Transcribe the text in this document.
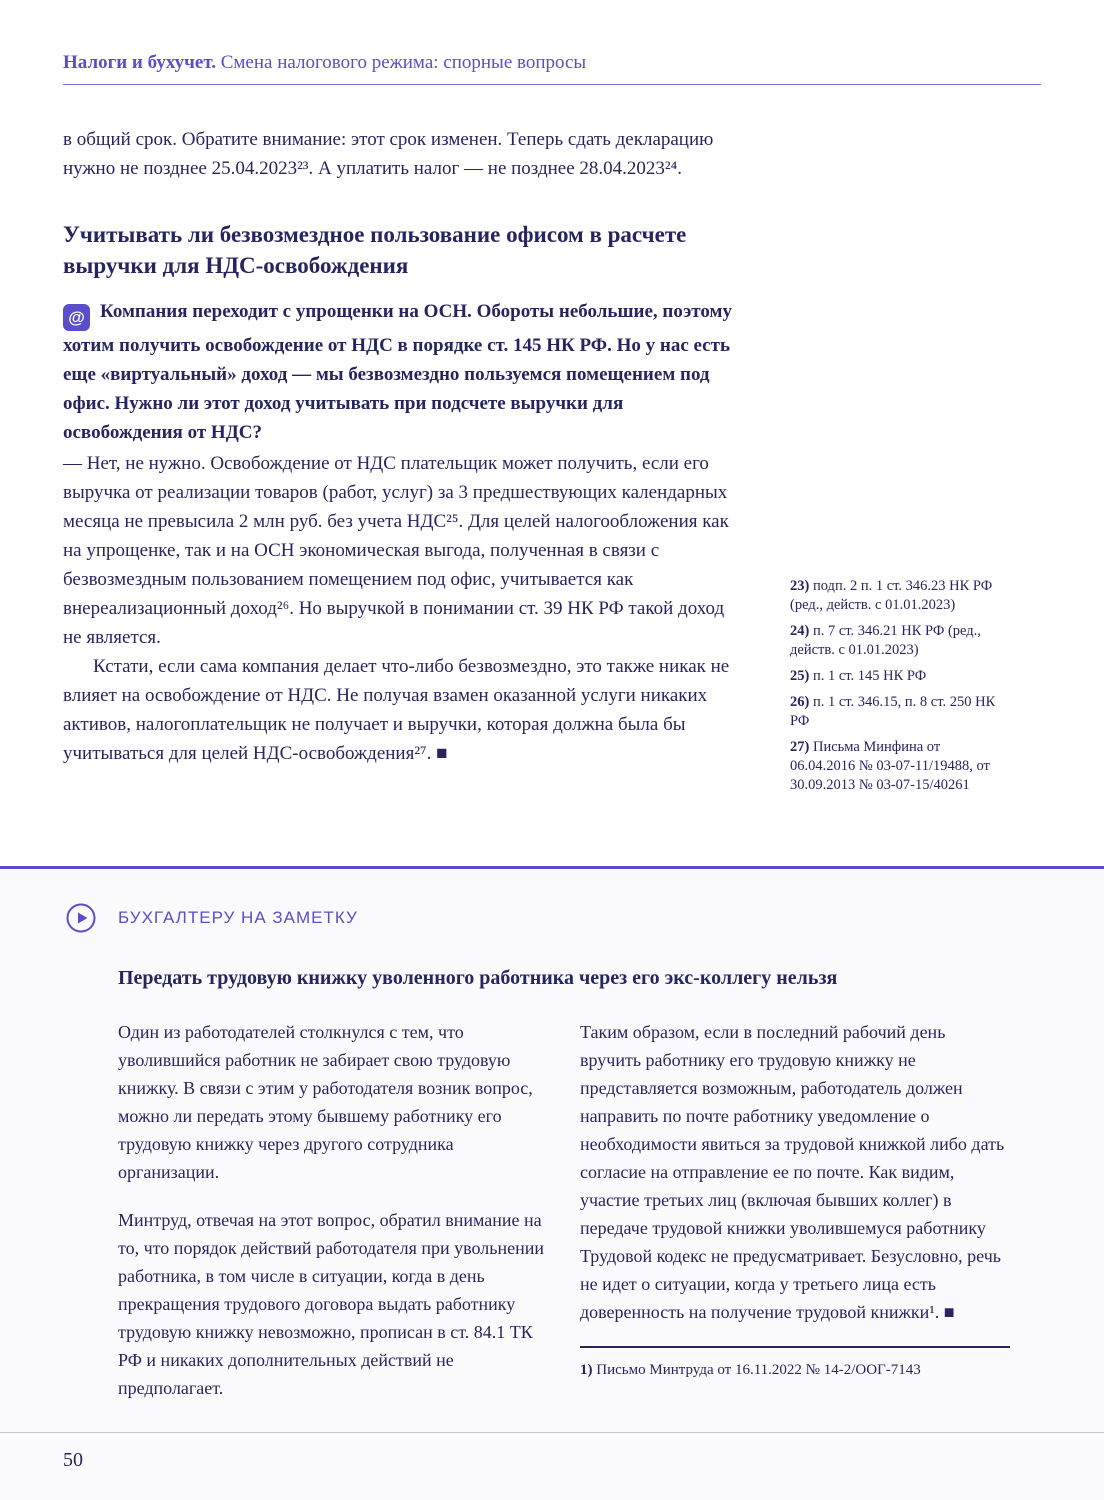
Налоги и бухучет. Смена налогового режима: спорные вопросы

в общий срок. Обратите внимание: этот срок изменен. Теперь сдать декларацию нужно не позднее 25.04.2023²³. А уплатить налог — не позднее 28.04.2023²⁴.

Учитывать ли безвозмездное пользование офисом в расчете выручки для НДС-освобождения

@ Компания переходит с упрощенки на ОСН. Обороты небольшие, поэтому хотим получить освобождение от НДС в порядке ст. 145 НК РФ. Но у нас есть еще «виртуальный» доход — мы безвозмездно пользуемся помещением под офис. Нужно ли этот доход учитывать при подсчете выручки для освобождения от НДС?

— Нет, не нужно. Освобождение от НДС плательщик может получить, если его выручка от реализации товаров (работ, услуг) за 3 предшествующих календарных месяца не превысила 2 млн руб. без учета НДС²⁵. Для целей налогообложения как на упрощенке, так и на ОСН экономическая выгода, полученная в связи с безвозмездным пользованием помещением под офис, учитывается как внереализационный доход²⁶. Но выручкой в понимании ст. 39 НК РФ такой доход не является.

Кстати, если сама компания делает что-либо безвозмездно, это также никак не влияет на освобождение от НДС. Не получая взамен оказанной услуги никаких активов, налогоплательщик не получает и выручки, которая должна была бы учитываться для целей НДС-освобождения²⁷. ■

23) подп. 2 п. 1 ст. 346.23 НК РФ (ред., действ. с 01.01.2023)

24) п. 7 ст. 346.21 НК РФ (ред., действ. с 01.01.2023)

25) п. 1 ст. 145 НК РФ

26) п. 1 ст. 346.15, п. 8 ст. 250 НК РФ

27) Письма Минфина от 06.04.2016 № 03-07-11/19488, от 30.09.2013 № 03-07-15/40261

БУХГАЛТЕРУ НА ЗАМЕТКУ
Передать трудовую книжку уволенного работника через его экс-коллегу нельзя

Один из работодателей столкнулся с тем, что уволившийся работник не забирает свою трудовую книжку. В связи с этим у работодателя возник вопрос, можно ли передать этому бывшему работнику его трудовую книжку через другого сотрудника организации.

Минтруд, отвечая на этот вопрос, обратил внимание на то, что порядок действий работодателя при увольнении работника, в том числе в ситуации, когда в день прекращения трудового договора выдать работнику трудовую книжку невозможно, прописан в ст. 84.1 ТК РФ и никаких дополнительных действий не предполагает.

Таким образом, если в последний рабочий день вручить работнику его трудовую книжку не представляется возможным, работодатель должен направить по почте работнику уведомление о необходимости явиться за трудовой книжкой либо дать согласие на отправление ее по почте. Как видим, участие третьих лиц (включая бывших коллег) в передаче трудовой книжки уволившемуся работнику Трудовой кодекс не предусматривает. Безусловно, речь не идет о ситуации, когда у третьего лица есть доверенность на получение трудовой книжки¹. ■

1) Письмо Минтруда от 16.11.2022 № 14-2/ООГ-7143

50
